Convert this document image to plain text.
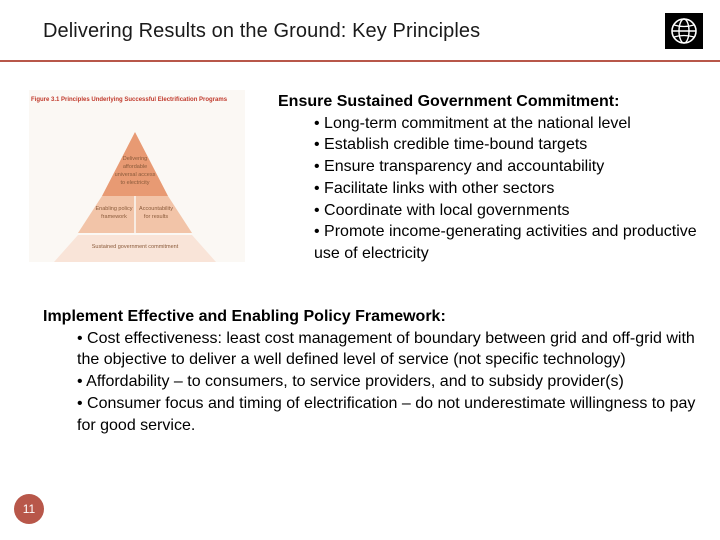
Delivering Results on the Ground: Key Principles
Figure 3.1 Principles Underlying Successful Electrification Programs
Delivering
affordable
universal access
to electricity
Enabling policy
framework
Accountability
for results
Sustained government commitment
Ensure Sustained Government Commitment:
• Long-term commitment at the national level
• Establish credible time-bound targets
• Ensure transparency and accountability
• Facilitate links with other sectors
• Coordinate with local governments
• Promote income-generating activities and productive use of electricity
Implement Effective and Enabling Policy Framework:
• Cost effectiveness: least cost management of boundary between grid and off-grid with the objective to deliver a well defined level of service (not specific technology)
• Affordability – to consumers, to service providers, and to subsidy provider(s)
• Consumer focus and timing of electrification – do not underestimate willingness to pay for good service.
11
